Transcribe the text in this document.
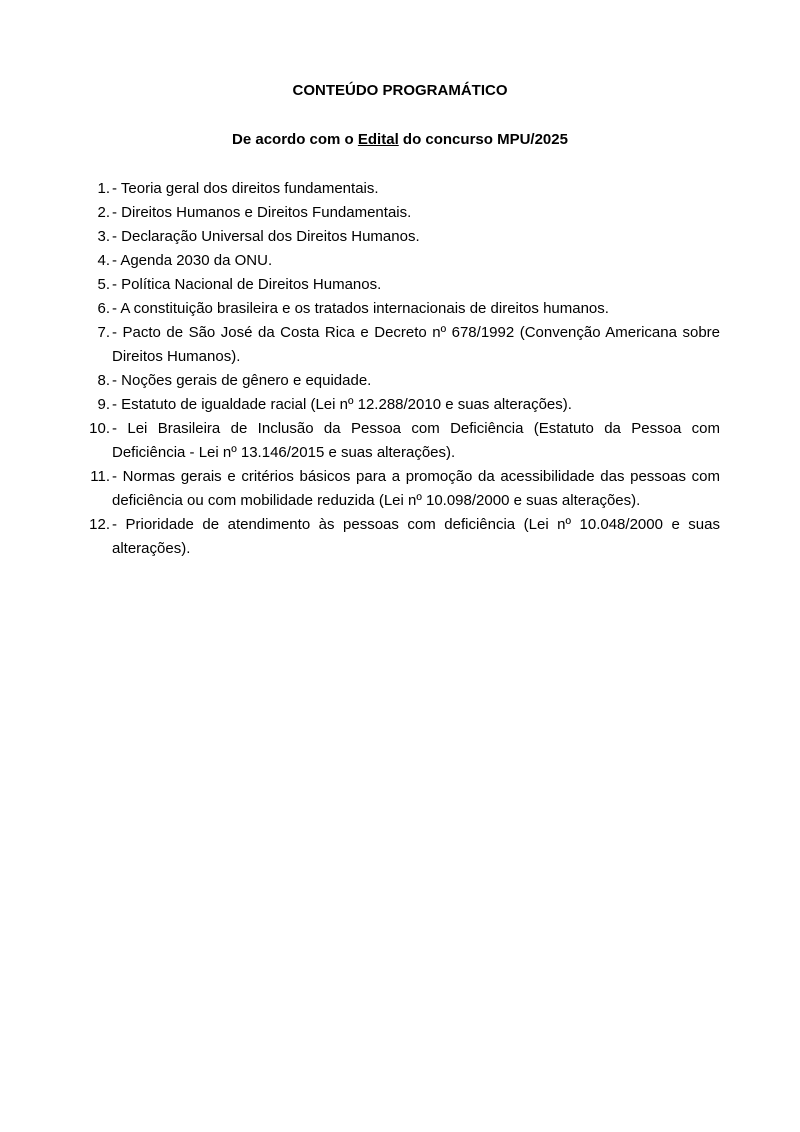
CONTEÚDO PROGRAMÁTICO

De acordo com o Edital do concurso MPU/2025

1. - Teoria geral dos direitos fundamentais.
2. - Direitos Humanos e Direitos Fundamentais.
3. - Declaração Universal dos Direitos Humanos.
4. - Agenda 2030 da ONU.
5. - Política Nacional de Direitos Humanos.
6. - A constituição brasileira e os tratados internacionais de direitos humanos.
7. - Pacto de São José da Costa Rica e Decreto nº 678/1992 (Convenção Americana sobre Direitos Humanos).
8. - Noções gerais de gênero e equidade.
9. - Estatuto de igualdade racial (Lei nº 12.288/2010 e suas alterações).
10. - Lei Brasileira de Inclusão da Pessoa com Deficiência (Estatuto da Pessoa com Deficiência - Lei nº 13.146/2015 e suas alterações).
11. - Normas gerais e critérios básicos para a promoção da acessibilidade das pessoas com deficiência ou com mobilidade reduzida (Lei nº 10.098/2000 e suas alterações).
12. - Prioridade de atendimento às pessoas com deficiência (Lei nº 10.048/2000 e suas alterações).
